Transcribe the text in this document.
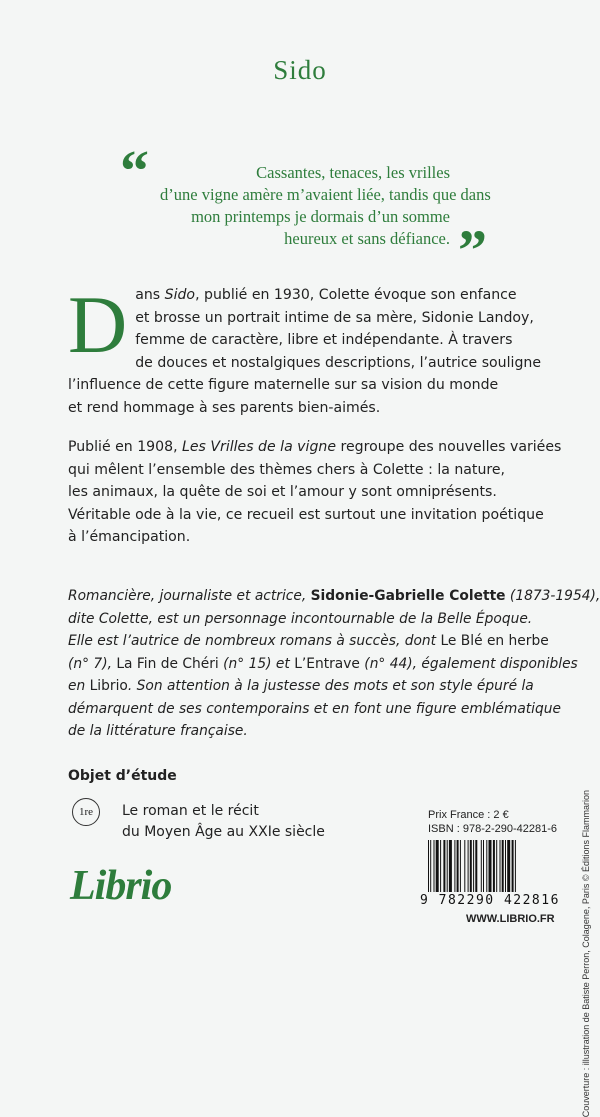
Sido
“	Cassantes, tenaces, les vrilles
d’une vigne amère m’avaient liée, tandis que dans
mon printemps je dormais d’un somme
heureux et sans défiance. ”
D ans Sido, publié en 1930, Colette évoque son enfance
et brosse un portrait intime de sa mère, Sidonie Landoy,
femme de caractère, libre et indépendante. À travers
de douces et nostalgiques descriptions, l’autrice souligne
l’influence de cette figure maternelle sur sa vision du monde
et rend hommage à ses parents bien-aimés.
Publié en 1908, Les Vrilles de la vigne regroupe des nouvelles variées
qui mêlent l’ensemble des thèmes chers à Colette : la nature,
les animaux, la quête de soi et l’amour y sont omniprésents.
Véritable ode à la vie, ce recueil est surtout une invitation poétique
à l’émancipation.
Romancière, journaliste et actrice, Sidonie-Gabrielle Colette (1873-1954),
dite Colette, est un personnage incontournable de la Belle Époque.
Elle est l’autrice de nombreux romans à succès, dont Le Blé en herbe
(n° 7), La Fin de Chéri (n° 15) et L’Entrave (n° 44), également disponibles
en Librio. Son attention à la justesse des mots et son style épuré la
démarquent de ses contemporains et en font une figure emblématique
de la littérature française.
Objet d’étude
1re	Le roman et le récit
du Moyen Âge au XXIe siècle
Librio
Prix France : 2 €
ISBN : 978-2-290-42281-6
9 782290 422816
WWW.LIBRIO.FR	Couverture : illustration de Batiste Perron, Colagene, Paris © Éditions Flammarion
